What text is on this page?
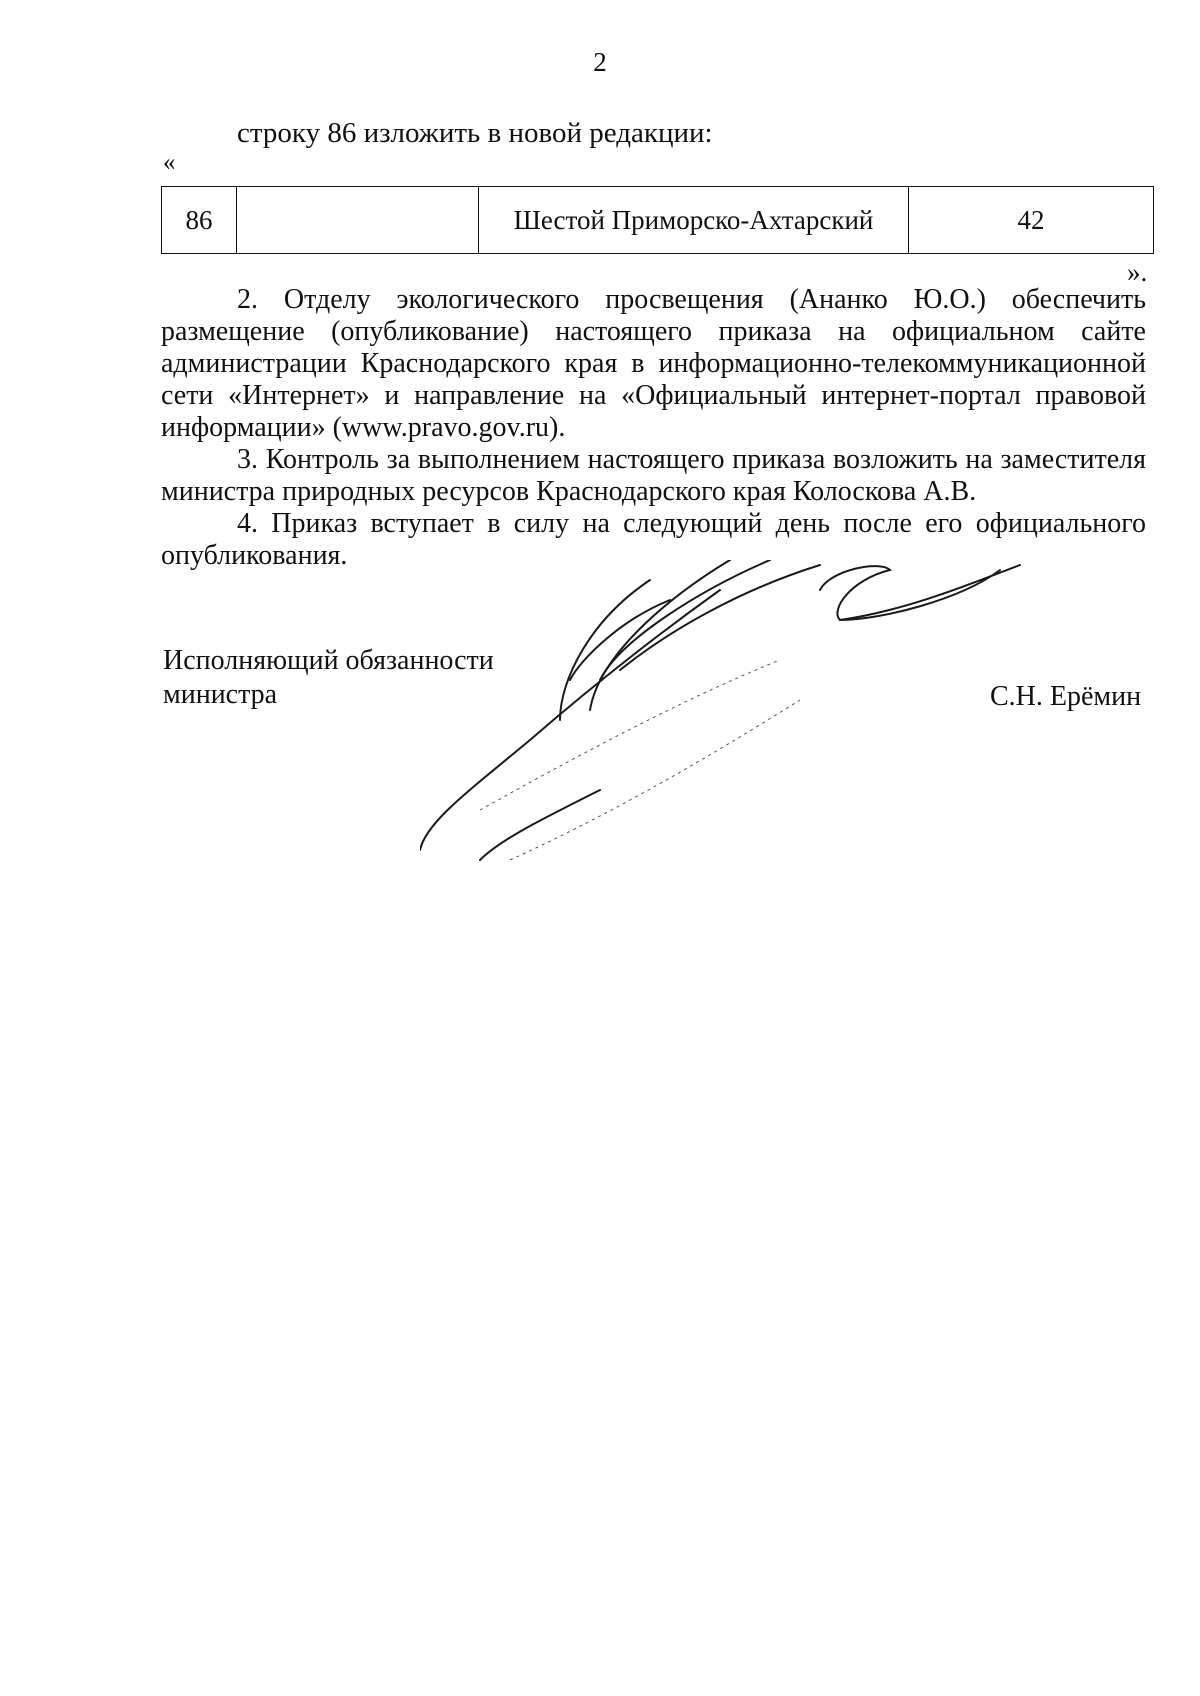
2
строку 86 изложить в новой редакции:
«
86		Шестой Приморско-Ахтарский	42
».

2. Отделу экологического просвещения (Ананко Ю.О.) обеспечить размещение (опубликование) настоящего приказа на официальном сайте администрации Краснодарского края в информационно-телекоммуникационной сети «Интернет» и направление на «Официальный интернет-портал правовой информации» (www.pravo.gov.ru).

3. Контроль за выполнением настоящего приказа возложить на заместителя министра природных ресурсов Краснодарского края Колоскова А.В.

4. Приказ вступает в силу на следующий день после его официального опубликования.

Исполняющий обязанности
министра	С.Н. Ерёмин
